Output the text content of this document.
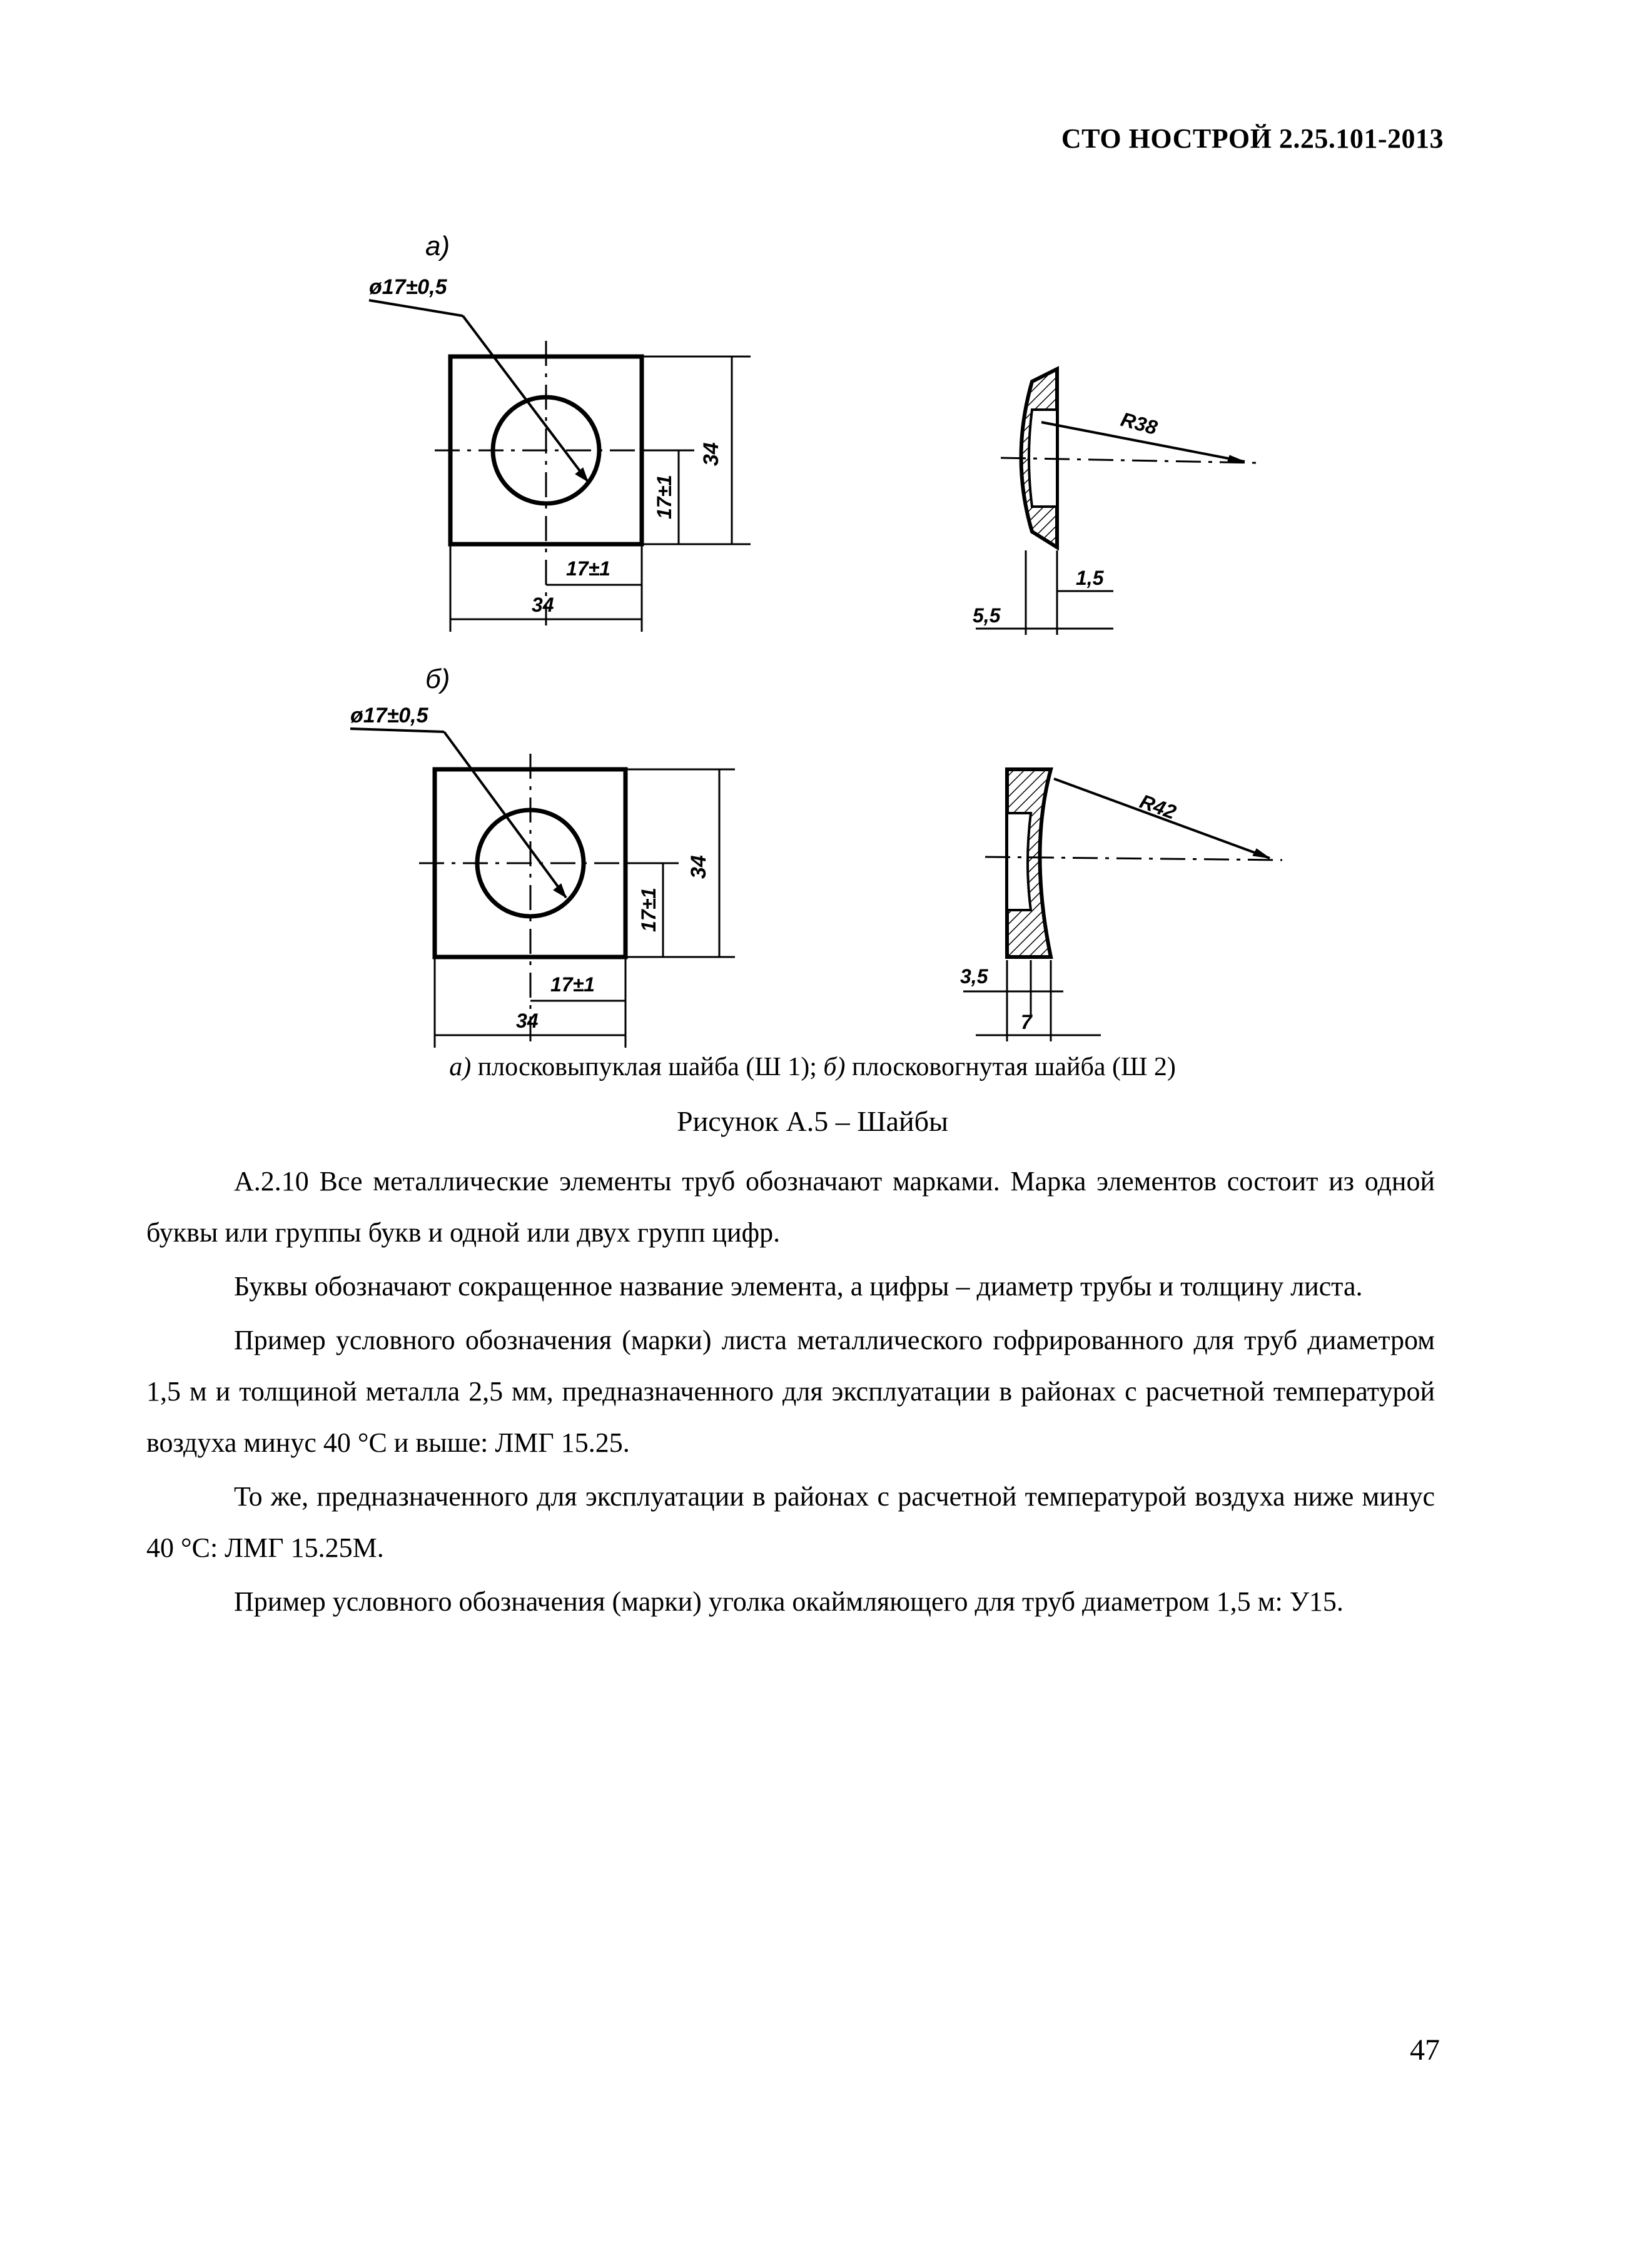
СТО НОСТРОЙ 2.25.101-2013
а)
ø17±0,5
34
17±1
17±1
34
R38
1,5
5,5
б)
ø17±0,5
34
17±1
17±1
34
R42
3,5
7
а) плосковыпуклая шайба (Ш 1); б) плосковогнутая шайба (Ш 2)
Рисунок А.5 – Шайбы

А.2.10 Все металлические элементы труб обозначают марками. Марка элементов состоит из одной буквы или группы букв и одной или двух групп цифр.

Буквы обозначают сокращенное название элемента, а цифры – диаметр трубы и толщину листа.

Пример условного обозначения (марки) листа металлического гофрированного для труб диаметром 1,5 м и толщиной металла 2,5 мм, предназначенного для эксплуатации в районах с расчетной температурой воздуха минус 40 °С и выше: ЛМГ 15.25.

То же, предназначенного для эксплуатации в районах с расчетной температурой воздуха ниже минус 40 °С: ЛМГ 15.25М.

Пример условного обозначения (марки) уголка окаймляющего для труб диаметром 1,5 м: У15.

47
